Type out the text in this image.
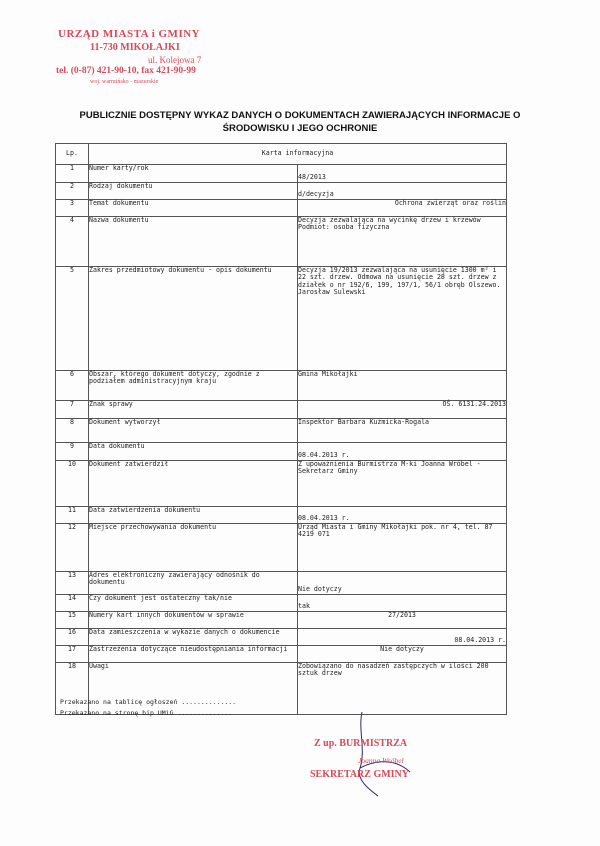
URZĄD MIASTA i GMINY
11-730 MIKOŁAJKI
ul. Kolejowa 7
tel. (0-87) 421-90-10, fax 421-90-99
woj. warmińsko - mazurskie
PUBLICZNIE DOSTĘPNY WYKAZ DANYCH O DOKUMENTACH ZAWIERAJĄCYCH INFORMACJE O
ŚRODOWISKU I JEGO OCHRONIE
Lp.	Karta informacyjna	
1	Numer karty/rok	48/2013
2	Rodzaj dokumentu	d/decyzja
3	Temat dokumentu	Ochrona zwierząt oraz roślin
4	Nazwa dokumentu	Decyzja zezwalająca na wycinkę drzew i krzewów Podmiot: osoba fizyczna
5	Zakres przedmiotowy dokumentu - opis dokumentu	Decyzja 19/2013 zezwalająca na usunięcie 1300 m² i 22 szt. drzew. Odmowa na usunięcie 28 szt. drzew z działek o nr 192/6, 199, 197/1, 56/1 obręb Olszewo. Jarosław Sulewski
6	Obszar, którego dokument dotyczy, zgodnie z podziałem administracyjnym kraju	Gmina Mikołajki
7	Znak sprawy	OŚ. 6131.24.2013
8	Dokument wytworzył	Inspektor Barbara Kuźmicka-Rogala
9	Data dokumentu	08.04.2013 r.
10	Dokument zatwierdził	Z upoważnienia Burmistrza M-ki Joanna Wróbel - Sekretarz Gminy
11	Data zatwierdzenia dokumentu	08.04.2013 r.
12	Miejsce przechowywania dokumentu	Urząd Miasta i Gminy Mikołajki pok. nr 4, tel. 87 4219 071
13	Adres elektroniczny zawierający odnośnik do dokumentu	Nie dotyczy
14	Czy dokument jest ostateczny tak/nie	tak
15	Numery kart innych dokumentów w sprawie	27/2013
16	Data zamieszczenia w wykazie danych o dokumencie	08.04.2013 r.
17	Zastrzeżenia dotyczące nieudostępniania informacji	Nie dotyczy
18	Uwagi	Zobowiązano do nasadzeń zastępczych w ilości 200 sztuk drzew
Przekazano na tablicę ogłoszeń ..............
Przekazano na stronę bip UMiG ..............
Z up. BURMISTRZA
Joanna Wróbel
SEKRETARZ GMINY
